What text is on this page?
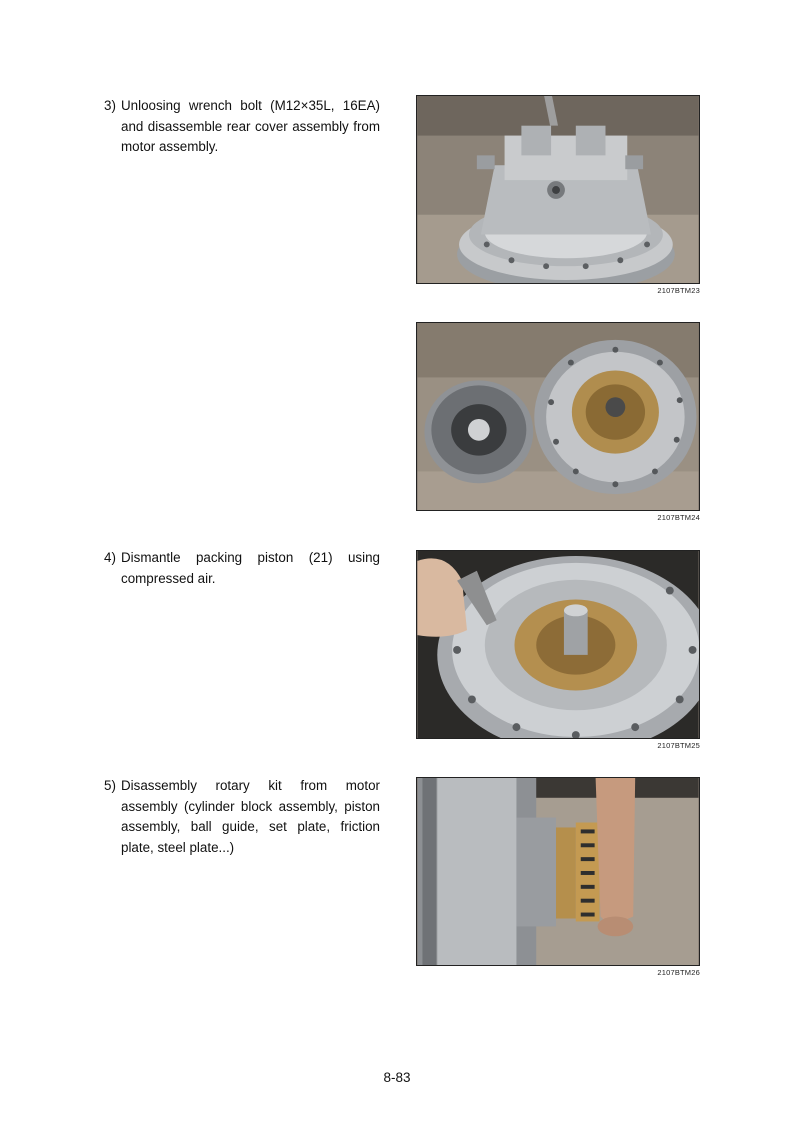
3) Unloosing wrench bolt (M12×35L, 16EA) and disassemble rear cover assembly from motor assembly.
4) Dismantle packing piston (21) using compressed air.
5) Disassembly rotary kit from motor assembly (cylinder block assembly, piston assembly, ball guide, set plate, friction plate, steel plate...)
2107BTM23
2107BTM24
2107BTM25
2107BTM26
8-83
